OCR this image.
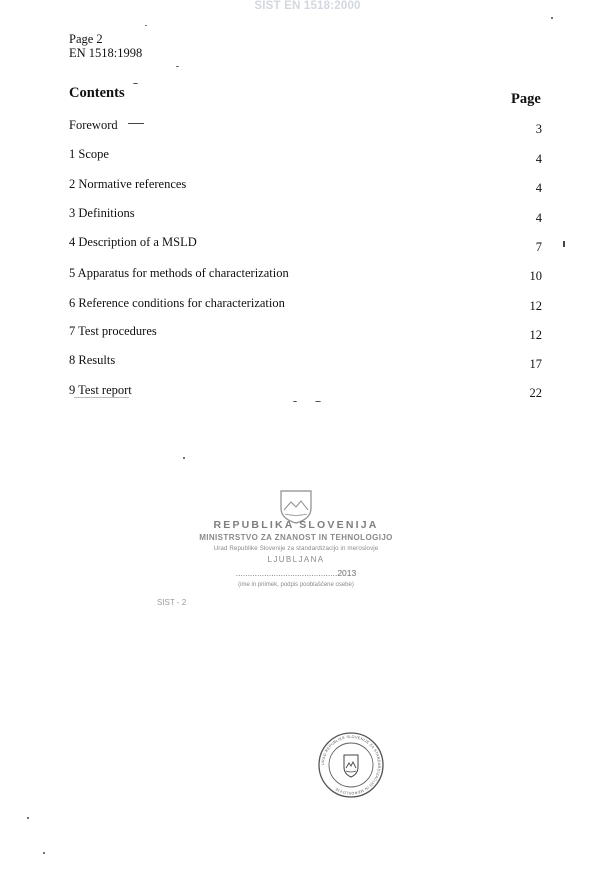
SIST EN 1518:2000
Page 2
EN 1518:1998
Contents	Page
Foreword	3
1 Scope	4
2 Normative references	4
3 Definitions	4
4 Description of a MSLD	7
5 Apparatus for methods of characterization	10
6 Reference conditions for characterization	12
7 Test procedures	12
8 Results	17
9 Test report	22
REPUBLIKA SLOVENIJA
MINISTRSTVO ZA ZNANOST IN TEHNOLOGIJO
Urad Republike Slovenije za standardizacijo in meroslovje
LJUBLJANA
...........................................2013
(ime in priimek, podpis pooblaščene osebe)
SIST - 2
URAD REPUBLIKE SLOVENIJE ZA STANDARDIZACIJO IN MEROSLOVJE
